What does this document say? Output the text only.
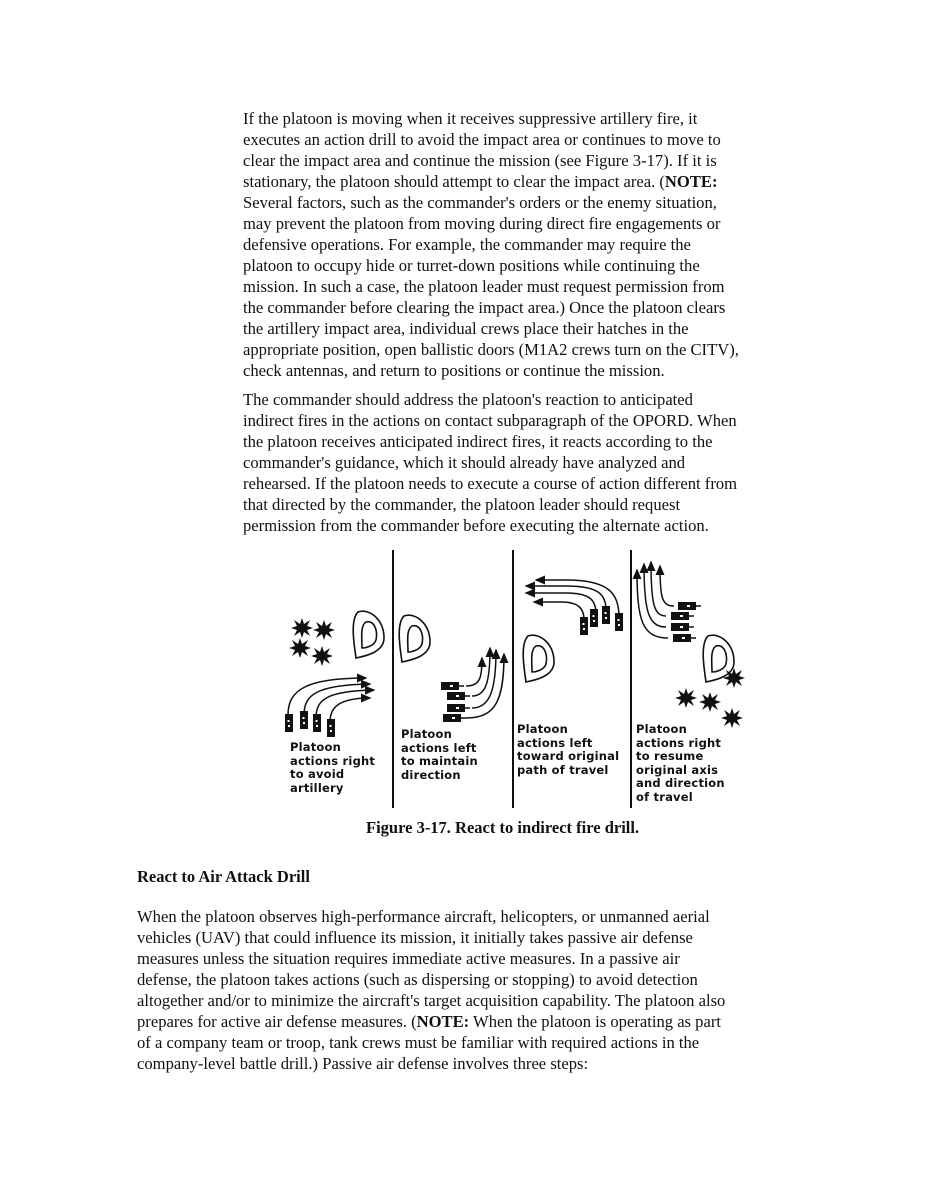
If the platoon is moving when it receives suppressive artillery fire, it
executes an action drill to avoid the impact area or continues to move to
clear the impact area and continue the mission (see Figure 3-17). If it is
stationary, the platoon should attempt to clear the impact area. (NOTE:
Several factors, such as the commander's orders or the enemy situation,
may prevent the platoon from moving during direct fire engagements or
defensive operations. For example, the commander may require the
platoon to occupy hide or turret-down positions while continuing the
mission. In such a case, the platoon leader must request permission from
the commander before clearing the impact area.) Once the platoon clears
the artillery impact area, individual crews place their hatches in the
appropriate position, open ballistic doors (M1A2 crews turn on the CITV),
check antennas, and return to positions or continue the mission.
The commander should address the platoon's reaction to anticipated
indirect fires in the actions on contact subparagraph of the OPORD. When
the platoon receives anticipated indirect fires, it reacts according to the
commander's guidance, which it should already have analyzed and
rehearsed. If the platoon needs to execute a course of action different from
that directed by the commander, the platoon leader should request
permission from the commander before executing the alternate action.
Platoon
actions right
to avoid
artillery
Platoon
actions left
to maintain
direction
Platoon
actions left
toward original
path of travel
Platoon
actions right
to resume
original axis
and direction
of travel
Figure 3-17. React to indirect fire drill.
React to Air Attack Drill
When the platoon observes high-performance aircraft, helicopters, or unmanned aerial
vehicles (UAV) that could influence its mission, it initially takes passive air defense
measures unless the situation requires immediate active measures. In a passive air
defense, the platoon takes actions (such as dispersing or stopping) to avoid detection
altogether and/or to minimize the aircraft's target acquisition capability. The platoon also
prepares for active air defense measures. (NOTE: When the platoon is operating as part
of a company team or troop, tank crews must be familiar with required actions in the
company-level battle drill.) Passive air defense involves three steps:
